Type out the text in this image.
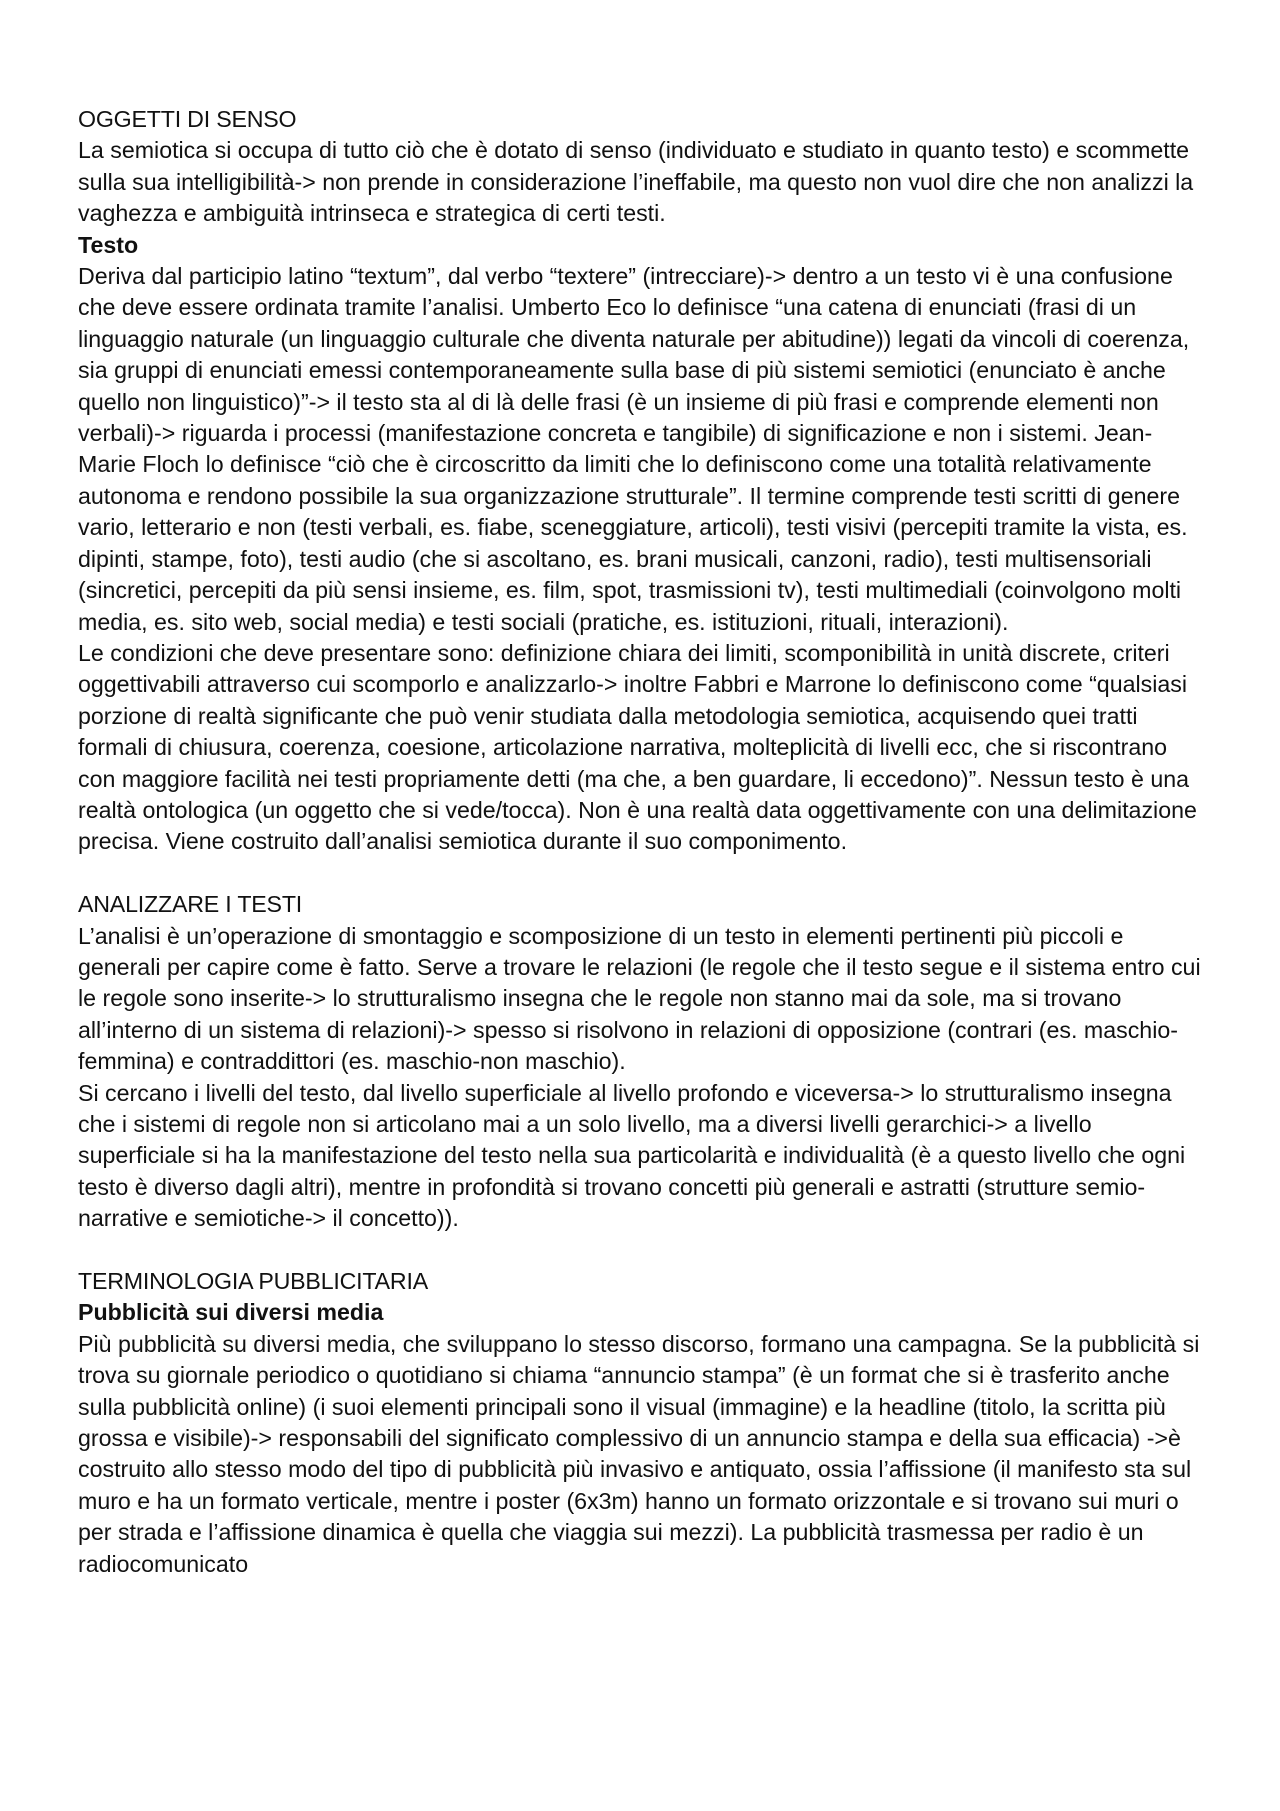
OGGETTI DI SENSO

La semiotica si occupa di tutto ciò che è dotato di senso (individuato e studiato in quanto testo) e scommette sulla sua intelligibilità-> non prende in considerazione l’ineffabile, ma questo non vuol dire che non analizzi la vaghezza e ambiguità intrinseca e strategica di certi testi.

Testo

Deriva dal participio latino “textum”, dal verbo “textere” (intrecciare)-> dentro a un testo vi è una confusione che deve essere ordinata tramite l’analisi. Umberto Eco lo definisce “una catena di enunciati (frasi di un linguaggio naturale (un linguaggio culturale che diventa naturale per abitudine)) legati da vincoli di coerenza, sia gruppi di enunciati emessi contemporaneamente sulla base di più sistemi semiotici (enunciato è anche quello non linguistico)”-> il testo sta al di là delle frasi (è un insieme di più frasi e comprende elementi non verbali)-> riguarda i processi (manifestazione concreta e tangibile) di significazione e non i sistemi. Jean-Marie Floch lo definisce “ciò che è circoscritto da limiti che lo definiscono come una totalità relativamente autonoma e rendono possibile la sua organizzazione strutturale”. Il termine comprende testi scritti di genere vario, letterario e non (testi verbali, es. fiabe, sceneggiature, articoli), testi visivi (percepiti tramite la vista, es. dipinti, stampe, foto), testi audio (che si ascoltano, es. brani musicali, canzoni, radio), testi multisensoriali (sincretici, percepiti da più sensi insieme, es. film, spot, trasmissioni tv), testi multimediali (coinvolgono molti media, es. sito web, social media) e testi sociali (pratiche, es. istituzioni, rituali, interazioni).

Le condizioni che deve presentare sono: definizione chiara dei limiti, scomponibilità in unità discrete, criteri oggettivabili attraverso cui scomporlo e analizzarlo-> inoltre Fabbri e Marrone lo definiscono come “qualsiasi porzione di realtà significante che può venir studiata dalla metodologia semiotica, acquisendo quei tratti formali di chiusura, coerenza, coesione, articolazione narrativa, molteplicità di livelli ecc, che si riscontrano con maggiore facilità nei testi propriamente detti (ma che, a ben guardare, li eccedono)”. Nessun testo è una realtà ontologica (un oggetto che si vede/tocca). Non è una realtà data oggettivamente con una delimitazione precisa. Viene costruito dall’analisi semiotica durante il suo componimento.

ANALIZZARE I TESTI

L’analisi è un’operazione di smontaggio e scomposizione di un testo in elementi pertinenti più piccoli e generali per capire come è fatto. Serve a trovare le relazioni (le regole che il testo segue e il sistema entro cui le regole sono inserite-> lo strutturalismo insegna che le regole non stanno mai da sole, ma si trovano all’interno di un sistema di relazioni)-> spesso si risolvono in relazioni di opposizione (contrari (es. maschio-femmina) e contraddittori (es. maschio-non maschio).

Si cercano i livelli del testo, dal livello superficiale al livello profondo e viceversa-> lo strutturalismo insegna che i sistemi di regole non si articolano mai a un solo livello, ma a diversi livelli gerarchici-> a livello superficiale si ha la manifestazione del testo nella sua particolarità e individualità (è a questo livello che ogni testo è diverso dagli altri), mentre in profondità si trovano concetti più generali e astratti (strutture semio-narrative e semiotiche-> il concetto)).

TERMINOLOGIA PUBBLICITARIA

Pubblicità sui diversi media

Più pubblicità su diversi media, che sviluppano lo stesso discorso, formano una campagna. Se la pubblicità si trova su giornale periodico o quotidiano si chiama “annuncio stampa” (è un format che si è trasferito anche sulla pubblicità online) (i suoi elementi principali sono il visual (immagine) e la headline (titolo, la scritta più grossa e visibile)-> responsabili del significato complessivo di un annuncio stampa e della sua efficacia) ->è costruito allo stesso modo del tipo di pubblicità più invasivo e antiquato, ossia l’affissione (il manifesto sta sul muro e ha un formato verticale, mentre i poster (6x3m) hanno un formato orizzontale e si trovano sui muri o per strada e l’affissione dinamica è quella che viaggia sui mezzi). La pubblicità trasmessa per radio è un radiocomunicato
